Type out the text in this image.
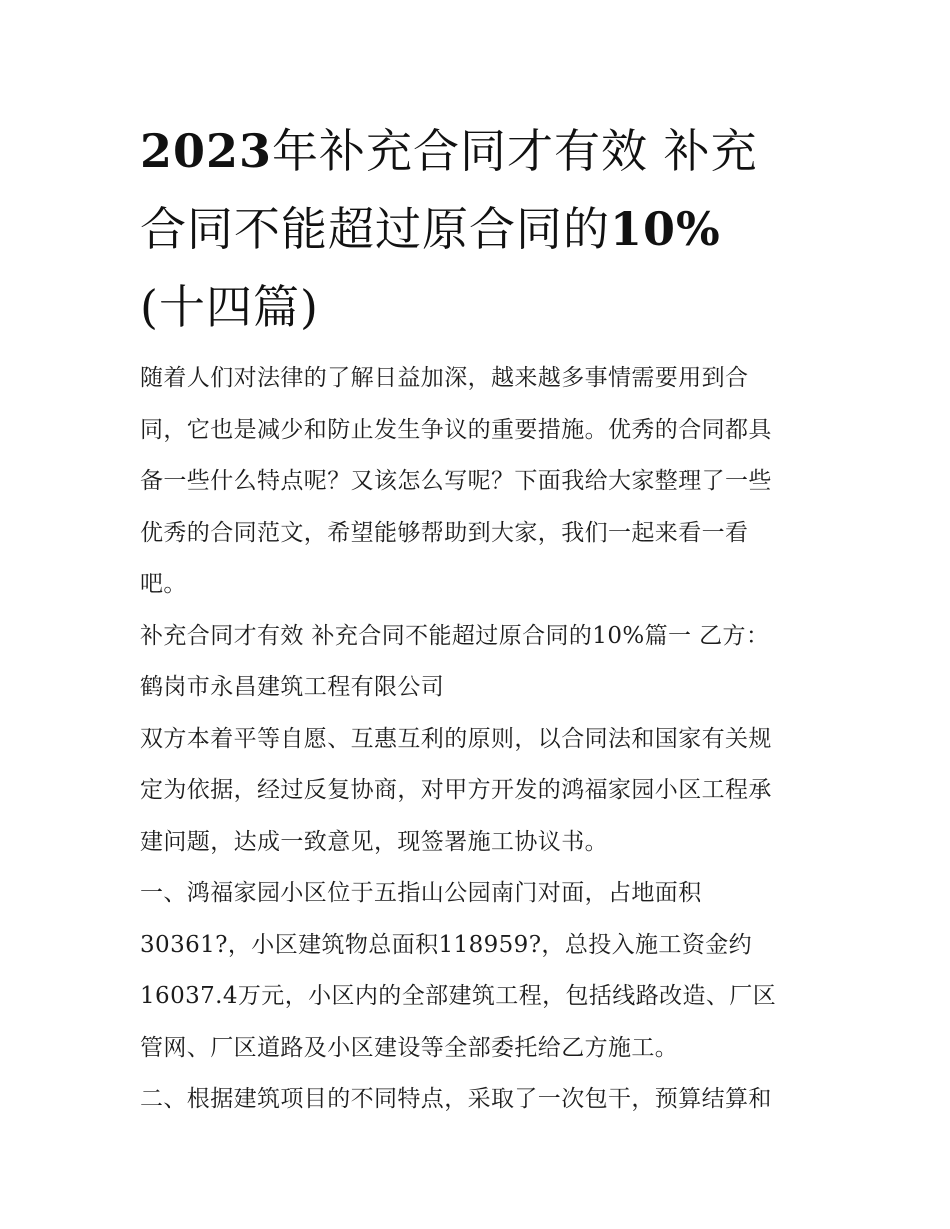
2023年补充合同才有效 补充
合同不能超过原合同的10%
(十四篇)

随着人们对法律的了解日益加深，越来越多事情需要用到合
同，它也是减少和防止发生争议的重要措施。优秀的合同都具
备一些什么特点呢？又该怎么写呢？下面我给大家整理了一些
优秀的合同范文，希望能够帮助到大家，我们一起来看一看
吧。

补充合同才有效 补充合同不能超过原合同的10%篇一 乙方：
鹤岗市永昌建筑工程有限公司

双方本着平等自愿、互惠互利的原则，以合同法和国家有关规
定为依据，经过反复协商，对甲方开发的鸿福家园小区工程承
建问题，达成一致意见，现签署施工协议书。

一、鸿福家园小区位于五指山公园南门对面，占地面积
30361?，小区建筑物总面积118959?，总投入施工资金约
16037.4万元，小区内的全部建筑工程，包括线路改造、厂区
管网、厂区道路及小区建设等全部委托给乙方施工。

二、根据建筑项目的不同特点，采取了一次包干，预算结算和
